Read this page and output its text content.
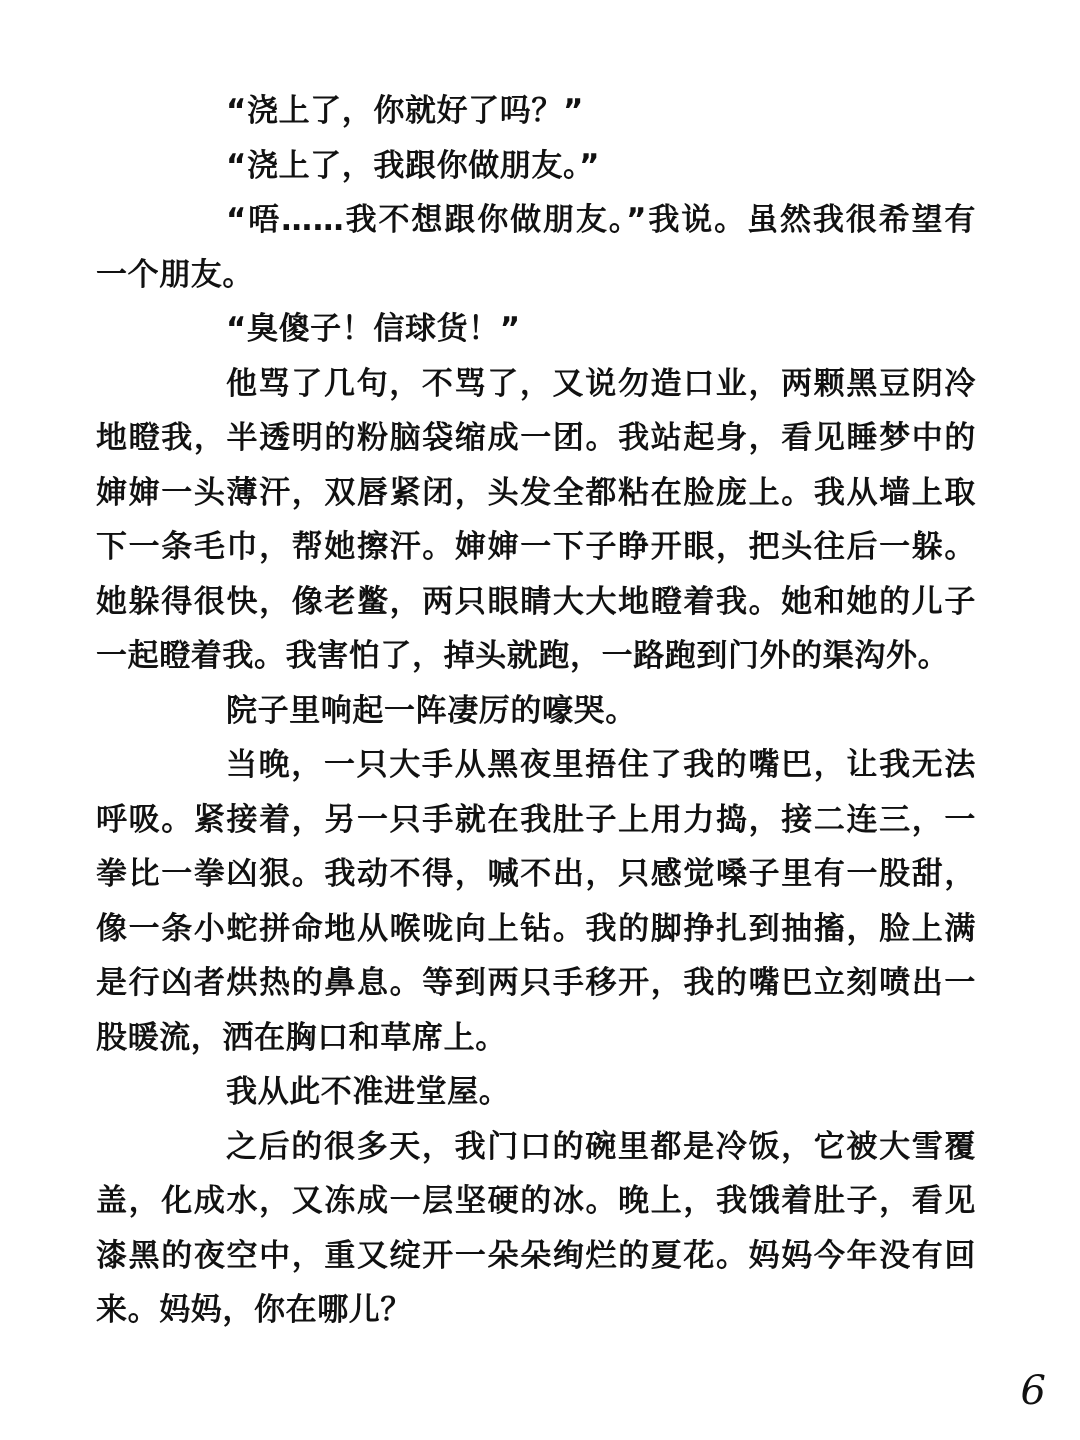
“浇上了，你就好了吗？”

“浇上了，我跟你做朋友。”

“唔……我不想跟你做朋友。”我说。虽然我很希望有一个朋友。

“臭傻子！信球货！”

他骂了几句，不骂了，又说勿造口业，两颗黑豆阴冷地瞪我，半透明的粉脑袋缩成一团。我站起身，看见睡梦中的婶婶一头薄汗，双唇紧闭，头发全都粘在脸庞上。我从墙上取下一条毛巾，帮她擦汗。婶婶一下子睁开眼，把头往后一躲。她躲得很快，像老鳖，两只眼睛大大地瞪着我。她和她的儿子一起瞪着我。我害怕了，掉头就跑，一路跑到门外的渠沟外。

院子里响起一阵凄厉的嚎哭。

当晚，一只大手从黑夜里捂住了我的嘴巴，让我无法呼吸。紧接着，另一只手就在我肚子上用力捣，接二连三，一拳比一拳凶狠。我动不得，喊不出，只感觉嗓子里有一股甜，像一条小蛇拼命地从喉咙向上钻。我的脚挣扎到抽搐，脸上满是行凶者烘热的鼻息。等到两只手移开，我的嘴巴立刻喷出一股暖流，洒在胸口和草席上。

我从此不准进堂屋。

之后的很多天，我门口的碗里都是冷饭，它被大雪覆盖，化成水，又冻成一层坚硬的冰。晚上，我饿着肚子，看见漆黑的夜空中，重又绽开一朵朵绚烂的夏花。妈妈今年没有回来。妈妈，你在哪儿？

6
